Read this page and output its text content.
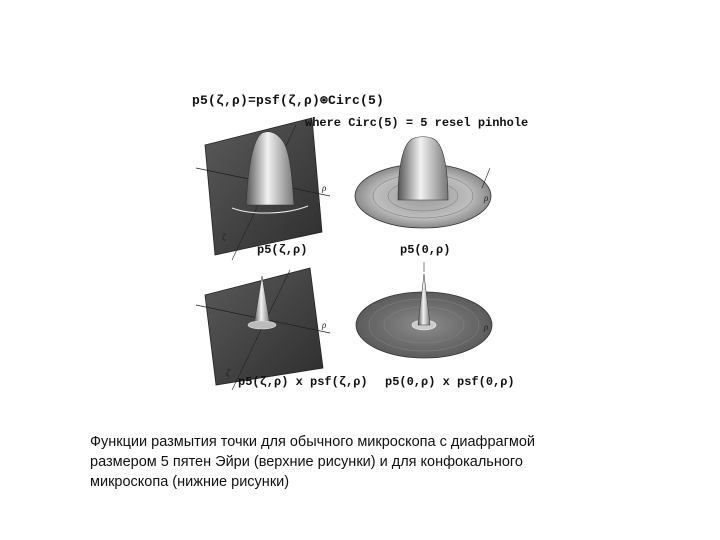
p5(ζ,ρ)=psf(ζ,ρ)⊛Circ(5)
where Circ(5) = 5 resel pinhole
p5(ζ,ρ)	p5(0,ρ)
p5(ζ,ρ) x psf(ζ,ρ) p5(0,ρ) x psf(0,ρ)
ρ
ζ
ρ
ρ
ζ
ρ
Функции размытия точки для обычного микроскопа с диафрагмой
размером 5 пятен Эйри (верхние рисунки) и для конфокального
микроскопа (нижние рисунки)
